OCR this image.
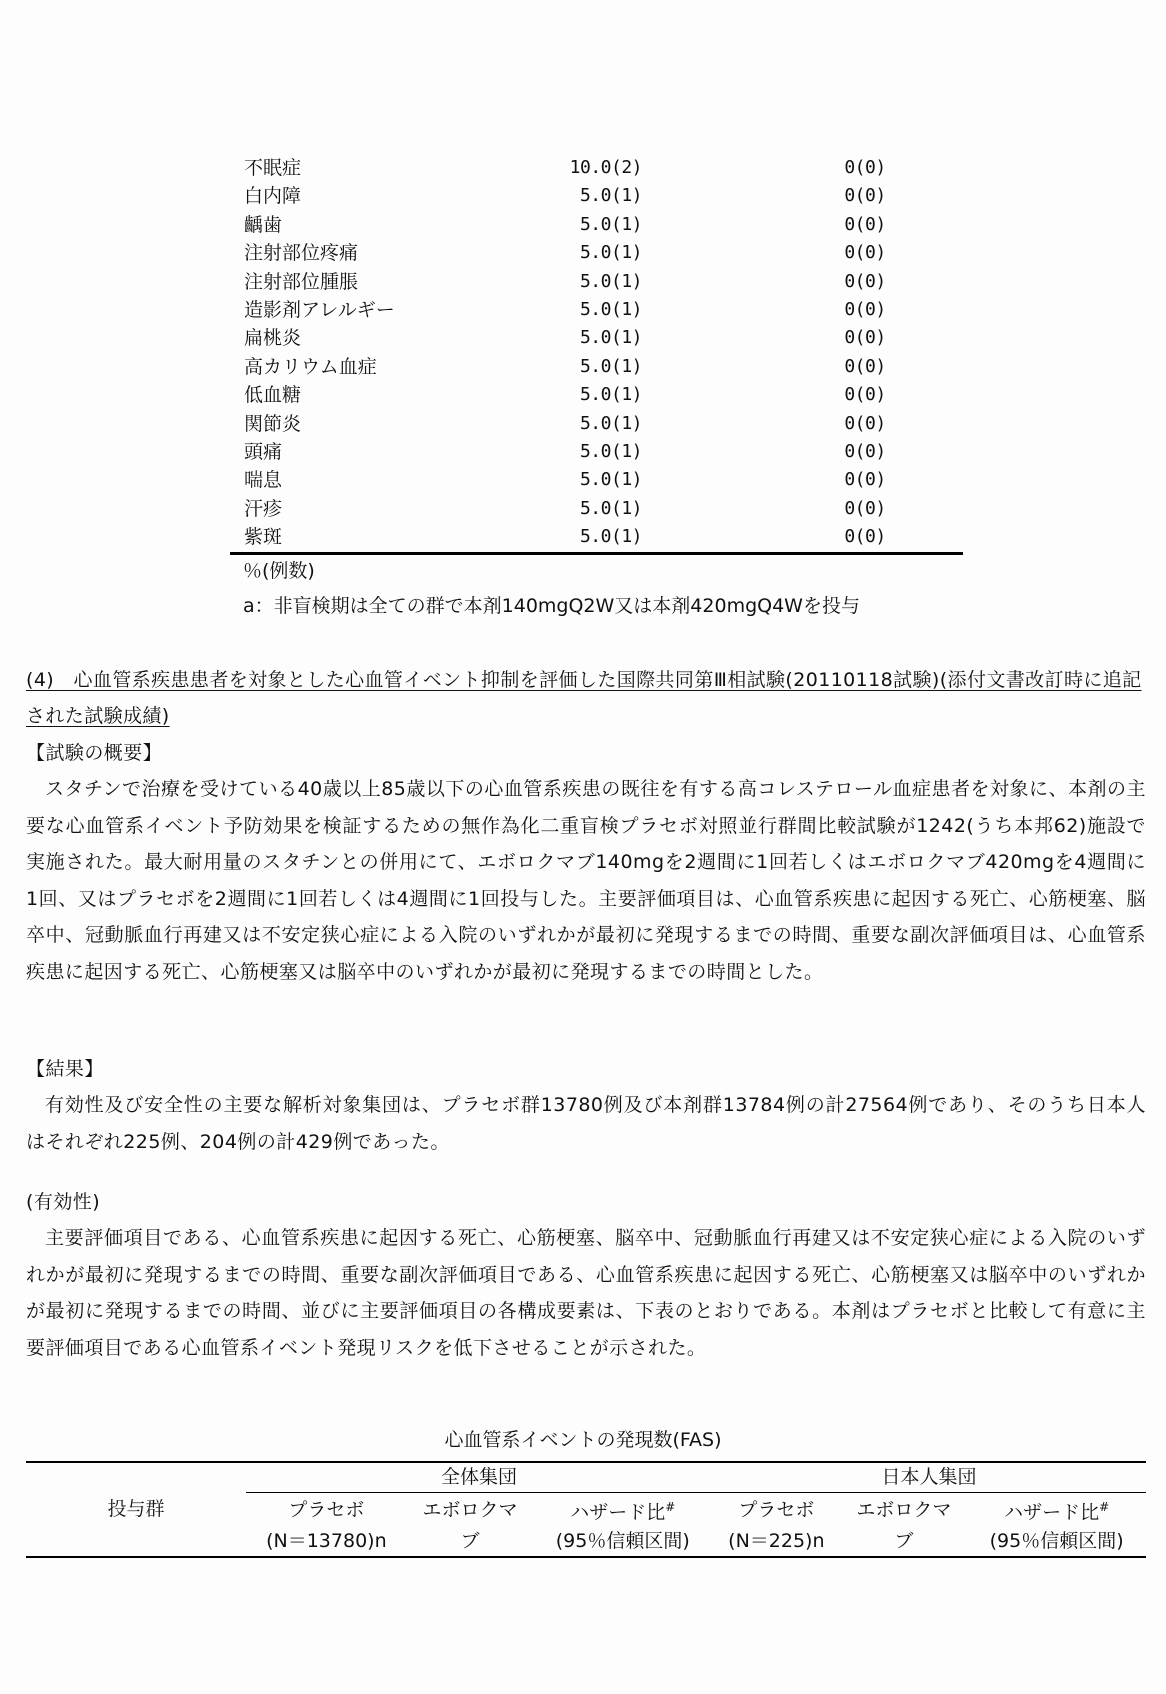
不眠症	10.0(2)	0(0)
白内障	5.0(1)	0(0)
齲歯	5.0(1)	0(0)
注射部位疼痛	5.0(1)	0(0)
注射部位腫脹	5.0(1)	0(0)
造影剤アレルギー	5.0(1)	0(0)
扁桃炎	5.0(1)	0(0)
高カリウム血症	5.0(1)	0(0)
低血糖	5.0(1)	0(0)
関節炎	5.0(1)	0(0)
頭痛	5.0(1)	0(0)
喘息	5.0(1)	0(0)
汗疹	5.0(1)	0(0)
紫斑	5.0(1)	0(0)
％(例数)
a：非盲検期は全ての群で本剤140mgQ2W又は本剤420mgQ4Wを投与
(4)　心血管系疾患患者を対象とした心血管イベント抑制を評価した国際共同第Ⅲ相試験(20110118試験)(添付文書改訂時に追記された試験成績)
【試験の概要】
スタチンで治療を受けている40歳以上85歳以下の心血管系疾患の既往を有する高コレステロール血症患者を対象に、本剤の主要な心血管系イベント予防効果を検証するための無作為化二重盲検プラセボ対照並行群間比較試験が1242(うち本邦62)施設で実施された。最大耐用量のスタチンとの併用にて、エボロクマブ140mgを2週間に1回若しくはエボロクマブ420mgを4週間に1回、又はプラセボを2週間に1回若しくは4週間に1回投与した。主要評価項目は、心血管系疾患に起因する死亡、心筋梗塞、脳卒中、冠動脈血行再建又は不安定狭心症による入院のいずれかが最初に発現するまでの時間、重要な副次評価項目は、心血管系疾患に起因する死亡、心筋梗塞又は脳卒中のいずれかが最初に発現するまでの時間とした。
【結果】
有効性及び安全性の主要な解析対象集団は、プラセボ群13780例及び本剤群13784例の計27564例であり、そのうち日本人はそれぞれ225例、204例の計429例であった。
(有効性)
主要評価項目である、心血管系疾患に起因する死亡、心筋梗塞、脳卒中、冠動脈血行再建又は不安定狭心症による入院のいずれかが最初に発現するまでの時間、重要な副次評価項目である、心血管系疾患に起因する死亡、心筋梗塞又は脳卒中のいずれかが最初に発現するまでの時間、並びに主要評価項目の各構成要素は、下表のとおりである。本剤はプラセボと比較して有意に主要評価項目である心血管系イベント発現リスクを低下させることが示された。
心血管系イベントの発現数(FAS)
投与群	全体集団			日本人集団		
	プラセボ	エボロクマ	ハザード比#	プラセボ	エボロクマ	ハザード比#
	(N＝13780)n	ブ	(95％信頼区間)	(N＝225)n	ブ	(95％信頼区間)
